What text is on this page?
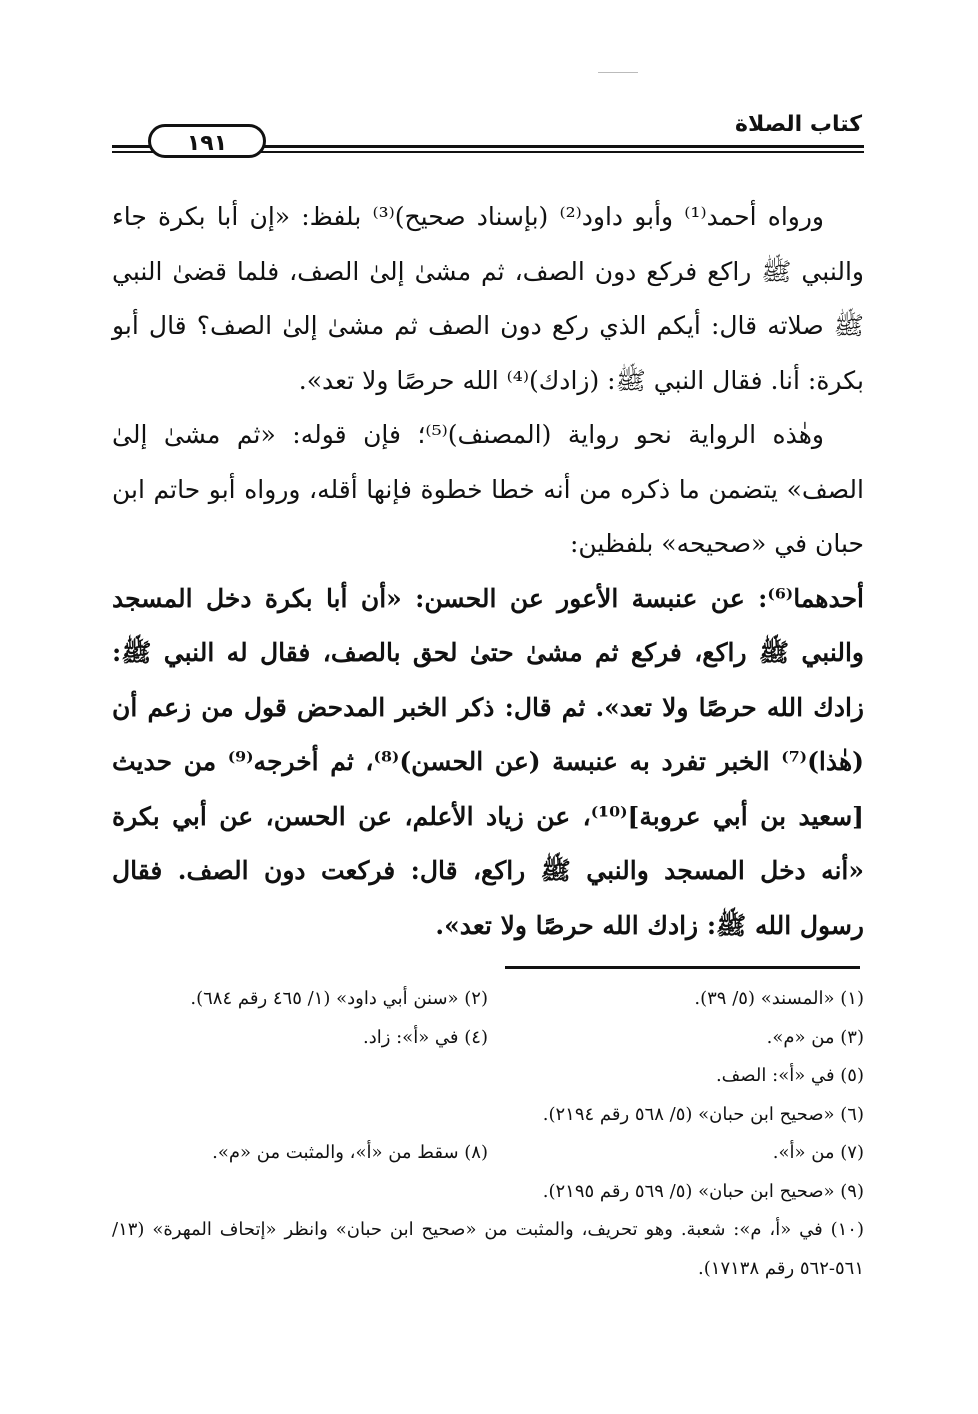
كتاب الصلاة
١٩١

ورواه أحمد⁽¹⁾ وأبو داود⁽²⁾ (بإسناد صحيح)⁽³⁾ بلفظ: «إن أبا بكرة جاء والنبي ﷺ راكع فركع دون الصف، ثم مشىٰ إلىٰ الصف، فلما قضىٰ النبي ﷺ صلاته قال: أيكم الذي ركع دون الصف ثم مشىٰ إلىٰ الصف؟ قال أبو بكرة: أنا. فقال النبي ﷺ: (زادك)⁽⁴⁾ الله حرصًا ولا تعد».

وهٰذه الرواية نحو رواية (المصنف)⁽⁵⁾؛ فإن قوله: «ثم مشىٰ إلىٰ الصف» يتضمن ما ذكره من أنه خطا خطوة فإنها أقله، ورواه أبو حاتم ابن حبان في «صحيحه» بلفظين:

أحدهما⁽⁶⁾: عن عنبسة الأعور عن الحسن: «أن أبا بكرة دخل المسجد والنبي ﷺ راكع، فركع ثم مشىٰ حتىٰ لحق بالصف، فقال له النبي ﷺ: زادك الله حرصًا ولا تعد». ثم قال: ذكر الخبر المدحض قول من زعم أن (هٰذا)⁽⁷⁾ الخبر تفرد به عنبسة (عن الحسن)⁽⁸⁾، ثم أخرجه⁽⁹⁾ من حديث [سعيد بن أبي عروبة]⁽¹⁰⁾، عن زياد الأعلم، عن الحسن، عن أبي بكرة «أنه دخل المسجد والنبي ﷺ راكع، قال: فركعت دون الصف. فقال رسول الله ﷺ: زادك الله حرصًا ولا تعد».

(١) «المسند» (٥/ ٣٩).
(٢) «سنن أبي داود» (١/ ٤٦٥ رقم ٦٨٤).
(٣) من «م».
(٤) في «أ»: زاد.
(٥) في «أ»: الصف.
(٦) «صحيح ابن حبان» (٥/ ٥٦٨ رقم ٢١٩٤).
(٧) من «أ».
(٨) سقط من «أ»، والمثبت من «م».
(٩) «صحيح ابن حبان» (٥/ ٥٦٩ رقم ٢١٩٥).
(١٠) في «أ، م»: شعبة. وهو تحريف، والمثبت من «صحيح ابن حبان» وانظر «إتحاف المهرة» (١٣/ ٥٦١-٥٦٢ رقم ١٧١٣٨).
